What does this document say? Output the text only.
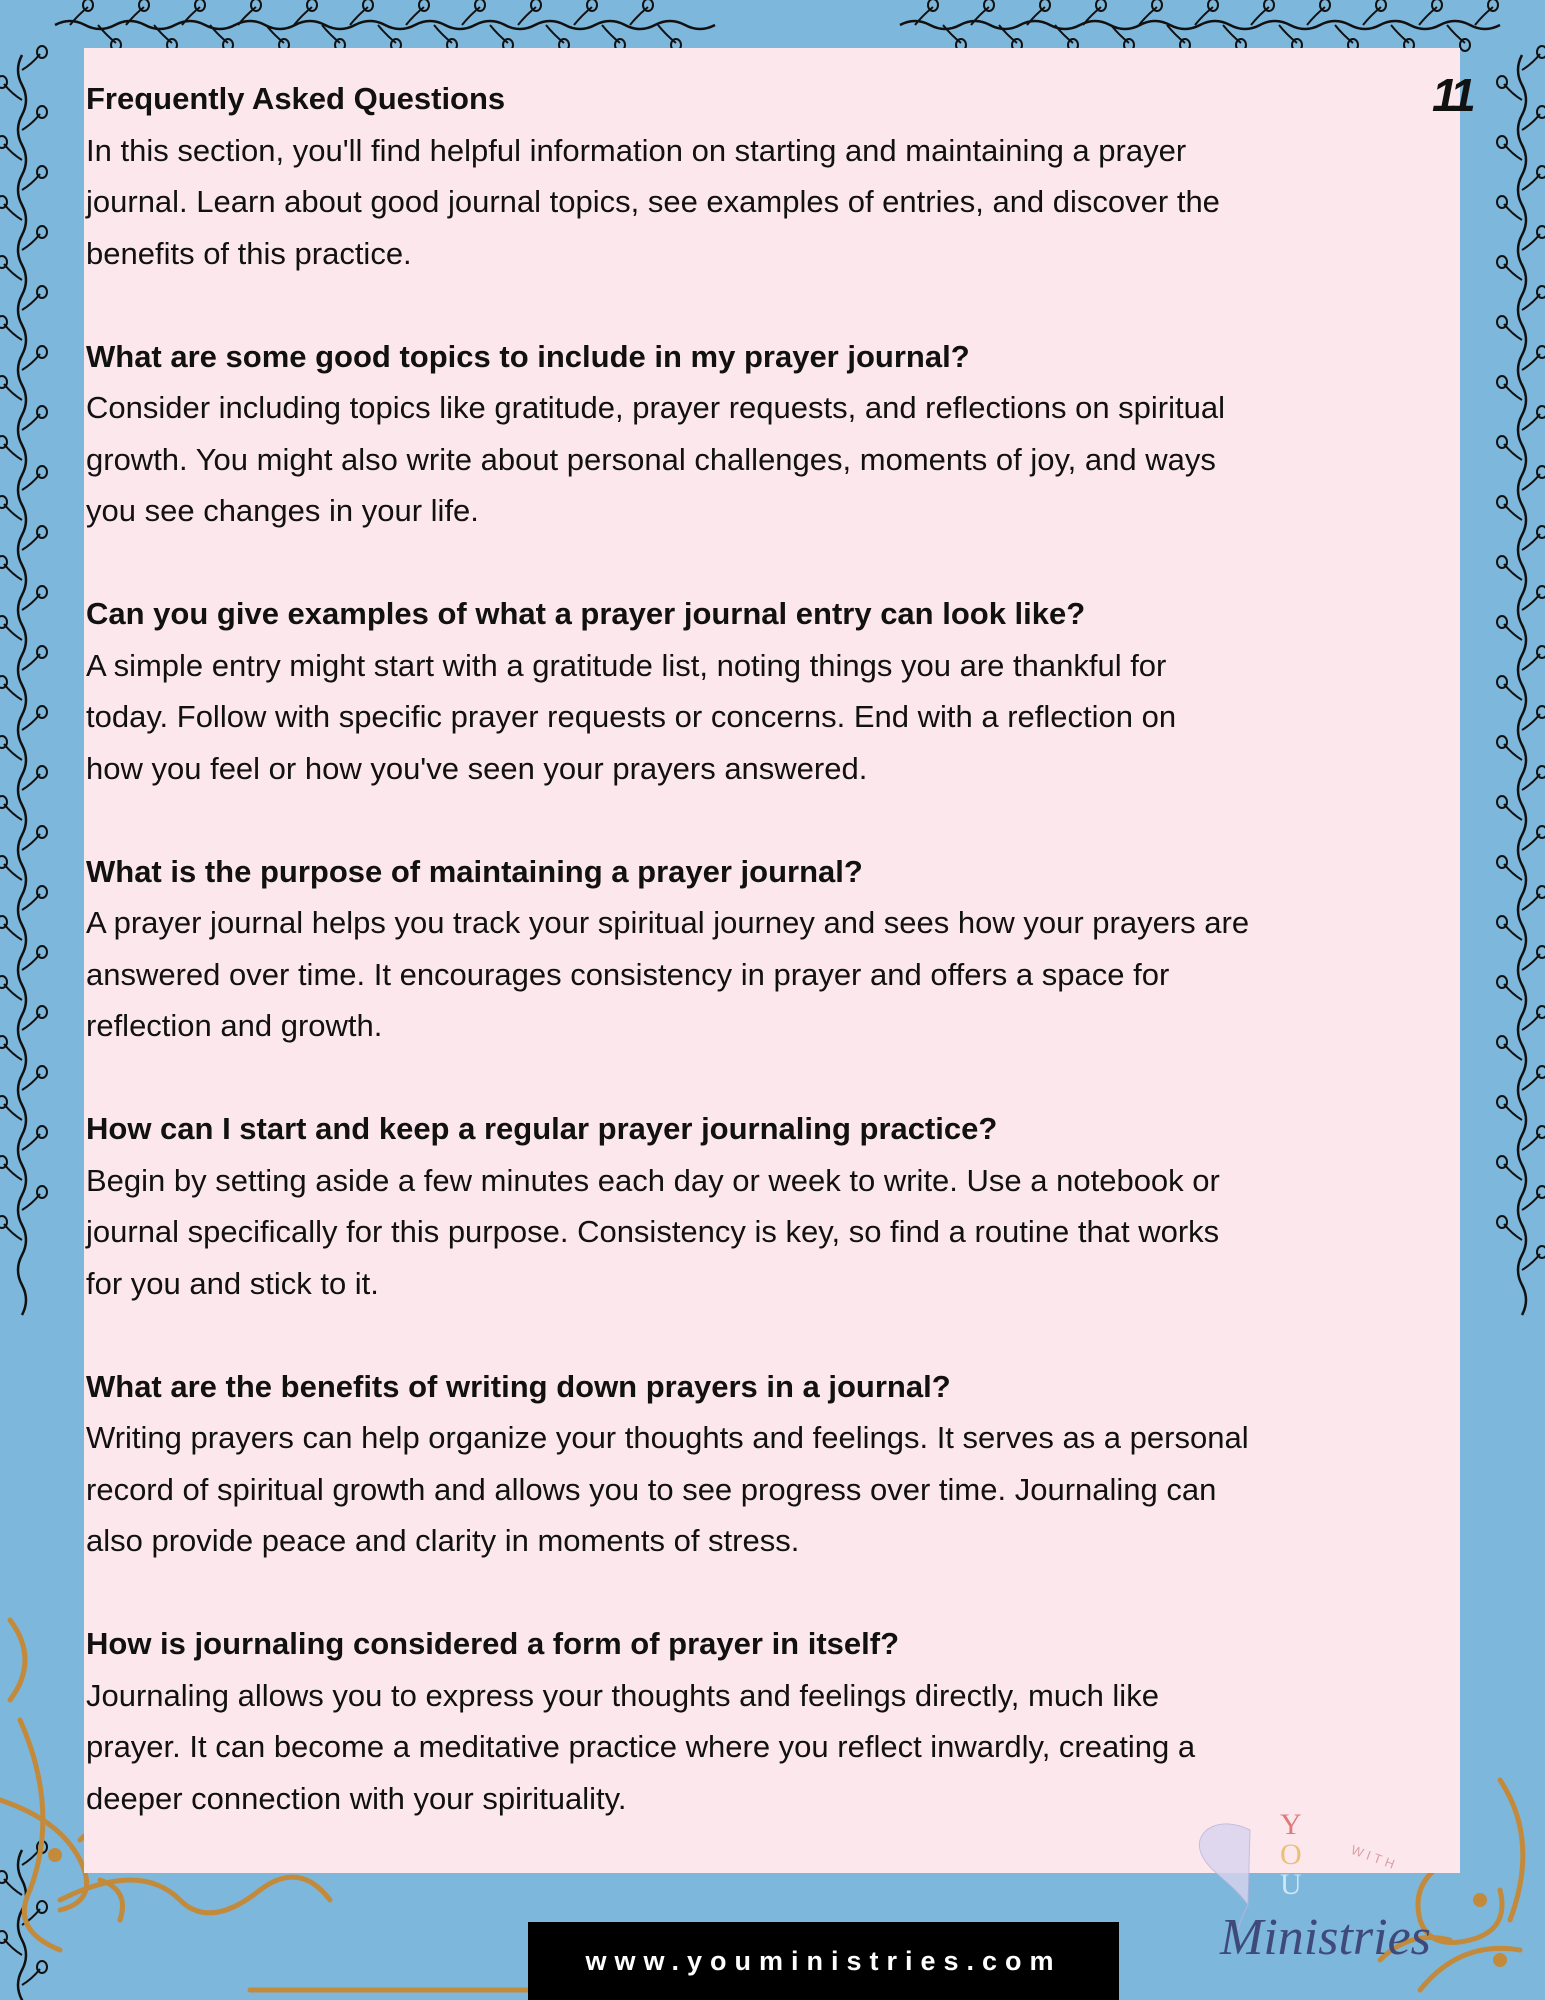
11
Frequently Asked Questions
In this section, you'll find helpful information on starting and maintaining a prayer
journal. Learn about good journal topics, see examples of entries, and discover the
benefits of this practice.
What are some good topics to include in my prayer journal?
Consider including topics like gratitude, prayer requests, and reflections on spiritual
growth. You might also write about personal challenges, moments of joy, and ways
you see changes in your life.
Can you give examples of what a prayer journal entry can look like?
A simple entry might start with a gratitude list, noting things you are thankful for
today. Follow with specific prayer requests or concerns. End with a reflection on
how you feel or how you've seen your prayers answered.
What is the purpose of maintaining a prayer journal?
A prayer journal helps you track your spiritual journey and sees how your prayers are
answered over time. It encourages consistency in prayer and offers a space for
reflection and growth.
How can I start and keep a regular prayer journaling practice?
Begin by setting aside a few minutes each day or week to write. Use a notebook or
journal specifically for this purpose. Consistency is key, so find a routine that works
for you and stick to it.
What are the benefits of writing down prayers in a journal?
Writing prayers can help organize your thoughts and feelings. It serves as a personal
record of spiritual growth and allows you to see progress over time. Journaling can
also provide peace and clarity in moments of stress.
How is journaling considered a form of prayer in itself?
Journaling allows you to express your thoughts and feelings directly, much like
prayer. It can become a meditative practice where you reflect inwardly, creating a
deeper connection with your spirituality.
Y
O
U
Ministries
WITH
www.youministries.com
